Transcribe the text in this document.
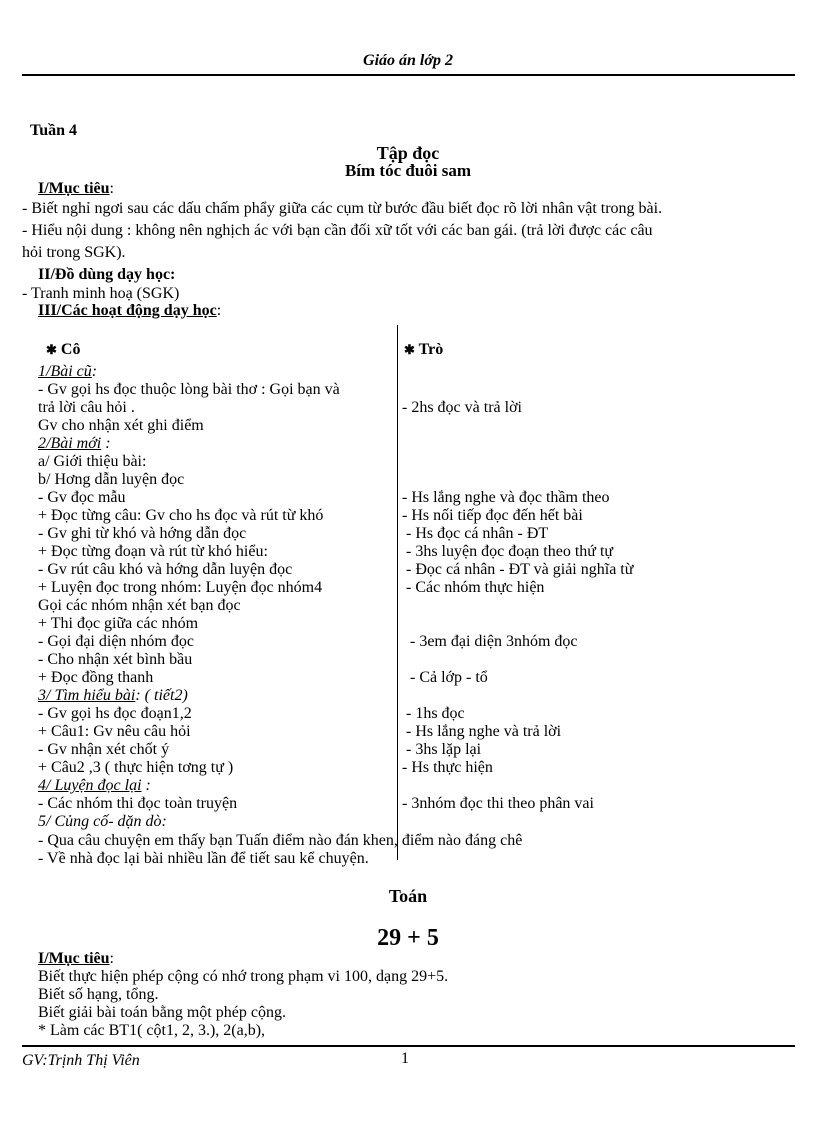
Giáo án lớp 2
Tuần 4
Tập đọc
Bím tóc đuôi sam
I/Mục tiêu:
- Biết nghỉ ngơi sau các dấu chấm phẩy giữa các cụm từ bước đầu biết đọc rõ lời nhân vật trong bài.
- Hiểu nội dung : không nên nghịch ác với bạn cần đối xữ tốt với các ban gái. (trả lời được các câu
hỏi trong SGK).
II/Đồ dùng dạy học:
- Tranh minh hoạ (SGK)
III/Các hoạt động dạy học:
✱ Cô	✱ Trò
1/Bài cũ:
- Gv gọi hs đọc thuộc lòng bài thơ : Gọi bạn và
trả lời câu hỏi .	- 2hs đọc và trả lời
Gv cho nhận xét ghi điểm
2/Bài mới :
a/ Giới thiệu bài:
b/ Hơng dẫn luyện đọc
- Gv đọc mẫu	- Hs lắng nghe và đọc thầm theo
+ Đọc từng câu: Gv cho hs đọc và rút từ khó	- Hs nối tiếp đọc đến hết bài
- Gv ghi từ khó và hớng dẫn đọc	- Hs đọc cá nhân - ĐT
+ Đọc từng đoạn và rút từ khó hiểu:	- 3hs luyện đọc đoạn theo thứ tự
- Gv rút câu khó và hớng dẫn luyện đọc	- Đọc cá nhân - ĐT và giải nghĩa từ
+ Luyện đọc trong nhóm: Luyện đọc nhóm4	- Các nhóm thực hiện
Gọi các nhóm nhận xét bạn đọc
+ Thi đọc giữa các nhóm
- Gọi đại diện nhóm đọc	- 3em đại diện 3nhóm đọc
- Cho nhận xét bình bầu
+ Đọc đồng thanh	- Cả lớp - tổ
3/ Tìm hiểu bài: ( tiết2)
- Gv gọi hs đọc đoạn1,2	- 1hs đọc
+ Câu1: Gv nêu câu hỏi	- Hs lắng nghe và trả lời
- Gv nhận xét chốt ý	- 3hs lặp lại
+ Câu2 ,3 ( thực hiện tơng tự )	- Hs thực hiện
4/ Luyện đọc lại :
- Các nhóm thi đọc toàn truyện	- 3nhóm đọc thi theo phân vai
5/ Củng cố- dặn dò:
- Qua câu chuyện em thấy bạn Tuấn điểm nào đán khen, điểm nào đáng chê
- Về nhà đọc lại bài nhiều lần để tiết sau kể chuyện.
Toán
29 + 5
I/Mục tiêu:
Biết thực hiện phép cộng có nhớ trong phạm vi 100, dạng 29+5.
Biết số hạng, tổng.
Biết giải bài toán bằng một phép cộng.
* Làm các BT1( cột1, 2, 3.), 2(a,b),
GV:Trịnh Thị Viên	1
